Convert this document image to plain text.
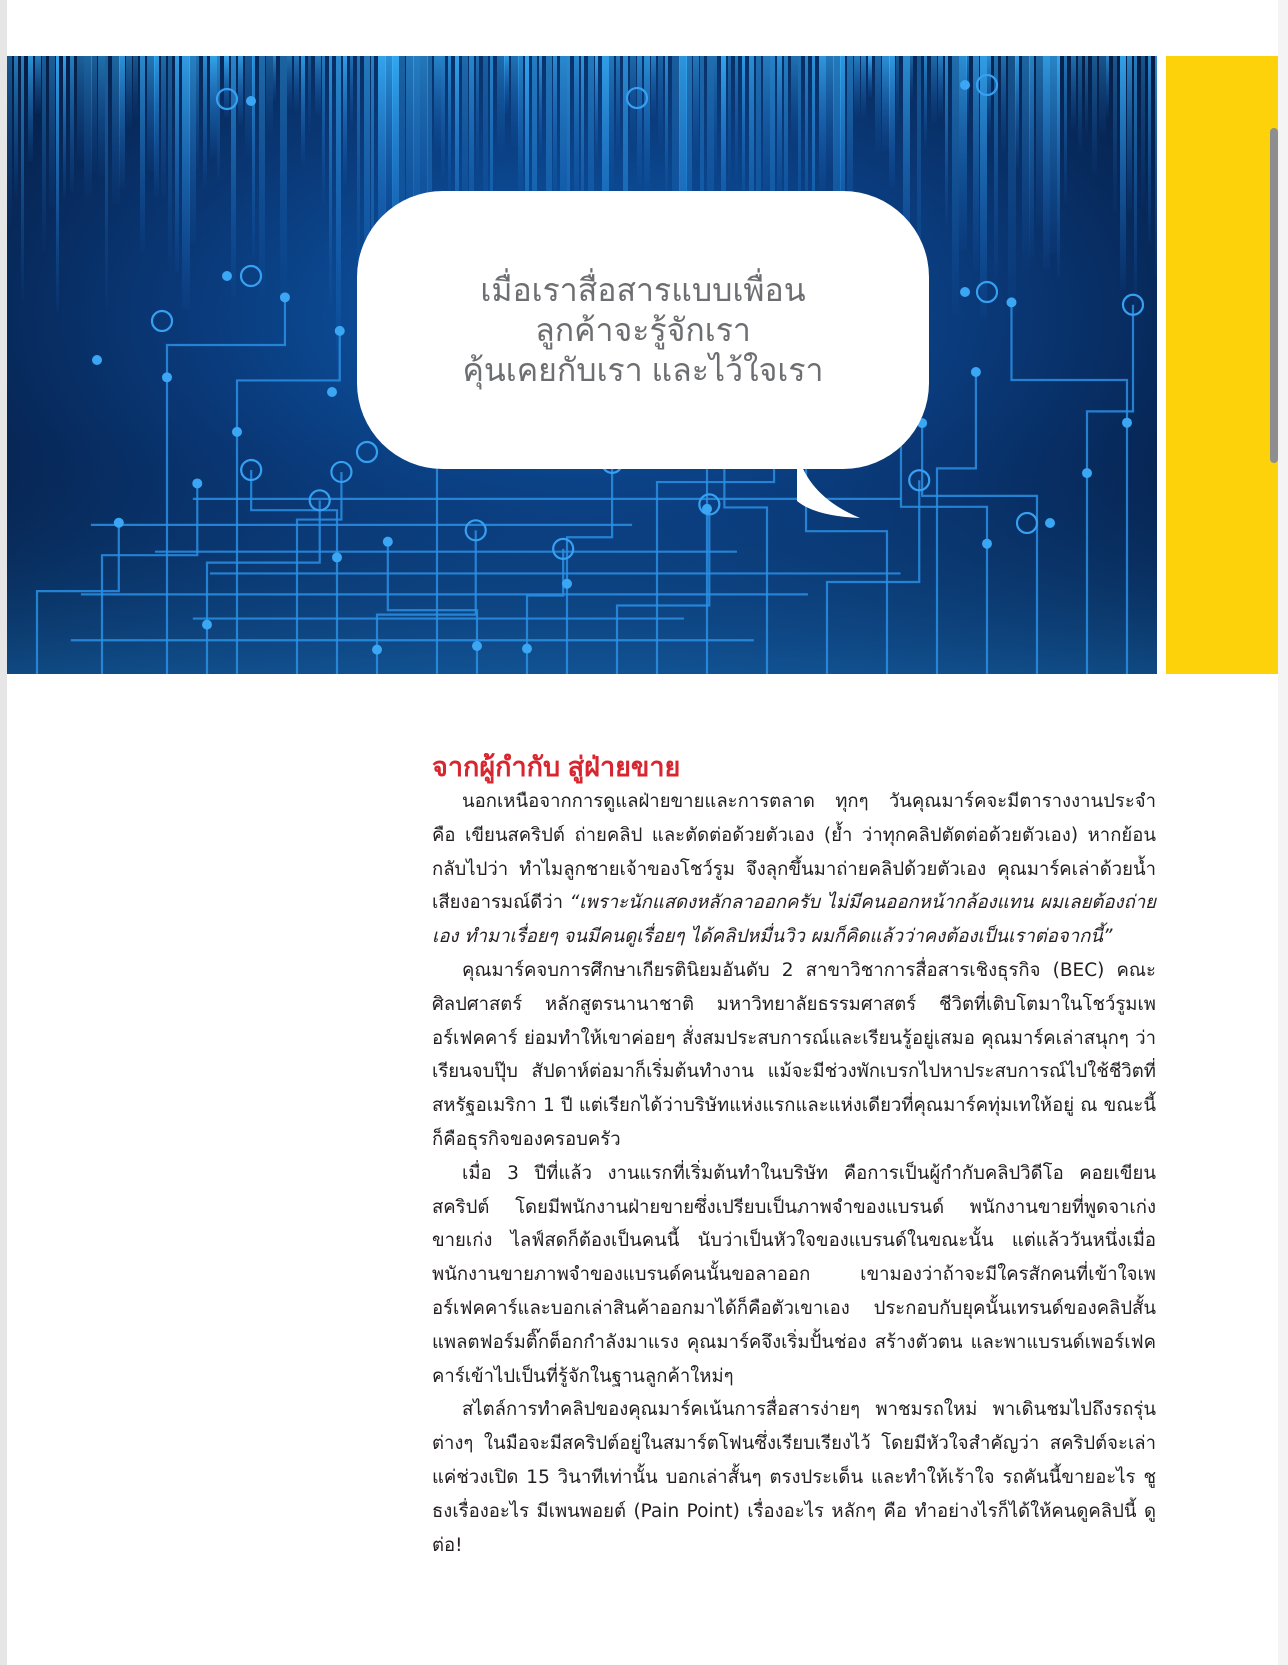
เมื่อเราสื่อสารแบบเพื่อน
ลูกค้าจะรู้จักเรา
คุ้นเคยกับเรา และไว้ใจเรา
จากผู้กำกับ สู่ฝ่ายขาย

นอกเหนือจากการดูแลฝ่ายขายและการตลาด ทุกๆ วันคุณมาร์คจะมีตารางงานประจำ คือ เขียนสคริปต์ ถ่ายคลิป และตัดต่อด้วยตัวเอง (ย้ำ ว่าทุกคลิปตัดต่อด้วยตัวเอง) หากย้อนกลับไปว่า ทำไมลูกชายเจ้าของโชว์รูม จึงลุกขึ้นมาถ่ายคลิปด้วยตัวเอง คุณมาร์คเล่าด้วยน้ำเสียงอารมณ์ดีว่า “เพราะนักแสดงหลักลาออกครับ ไม่มีคนออกหน้ากล้องแทน ผมเลยต้องถ่ายเอง ทำมาเรื่อยๆ จนมีคนดูเรื่อยๆ ได้คลิปหมื่นวิว ผมก็คิดแล้วว่าคงต้องเป็นเราต่อจากนี้”

คุณมาร์คจบการศึกษาเกียรตินิยมอันดับ 2 สาขาวิชาการสื่อสารเชิงธุรกิจ (BEC) คณะศิลปศาสตร์ หลักสูตรนานาชาติ มหาวิทยาลัยธรรมศาสตร์ ชีวิตที่เติบโตมาในโชว์รูมเพอร์เฟคคาร์ ย่อมทำให้เขาค่อยๆ สั่งสมประสบการณ์และเรียนรู้อยู่เสมอ คุณมาร์คเล่าสนุกๆ ว่า เรียนจบปุ๊บ สัปดาห์ต่อมาก็เริ่มต้นทำงาน แม้จะมีช่วงพักเบรกไปหาประสบการณ์ไปใช้ชีวิตที่สหรัฐอเมริกา 1 ปี แต่เรียกได้ว่าบริษัทแห่งแรกและแห่งเดียวที่คุณมาร์คทุ่มเทให้อยู่ ณ ขณะนี้ ก็คือธุรกิจของครอบครัว

เมื่อ 3 ปีที่แล้ว งานแรกที่เริ่มต้นทำในบริษัท คือการเป็นผู้กำกับคลิปวิดีโอ คอยเขียนสคริปต์ โดยมีพนักงานฝ่ายขายซึ่งเปรียบเป็นภาพจำของแบรนด์ พนักงานขายที่พูดจาเก่ง ขายเก่ง ไลฟ์สดก็ต้องเป็นคนนี้ นับว่าเป็นหัวใจของแบรนด์ในขณะนั้น แต่แล้ววันหนึ่งเมื่อพนักงานขายภาพจำของแบรนด์คนนั้นขอลาออก เขามองว่าถ้าจะมีใครสักคนที่เข้าใจเพอร์เฟคคาร์และบอกเล่าสินค้าออกมาได้ก็คือตัวเขาเอง ประกอบกับยุคนั้นเทรนด์ของคลิปสั้น แพลตฟอร์มติ๊กต็อกกำลังมาแรง คุณมาร์คจึงเริ่มปั้นช่อง สร้างตัวตน และพาแบรนด์เพอร์เฟคคาร์เข้าไปเป็นที่รู้จักในฐานลูกค้าใหม่ๆ

สไตล์การทำคลิปของคุณมาร์คเน้นการสื่อสารง่ายๆ พาชมรถใหม่ พาเดินชมไปถึงรถรุ่นต่างๆ ในมือจะมีสคริปต์อยู่ในสมาร์ตโฟนซึ่งเรียบเรียงไว้ โดยมีหัวใจสำคัญว่า สคริปต์จะเล่าแค่ช่วงเปิด 15 วินาทีเท่านั้น บอกเล่าสั้นๆ ตรงประเด็น และทำให้เร้าใจ รถคันนี้ขายอะไร ชูธงเรื่องอะไร มีเพนพอยต์ (Pain Point) เรื่องอะไร หลักๆ คือ ทำอย่างไรก็ได้ให้คนดูคลิปนี้ ดูต่อ!
